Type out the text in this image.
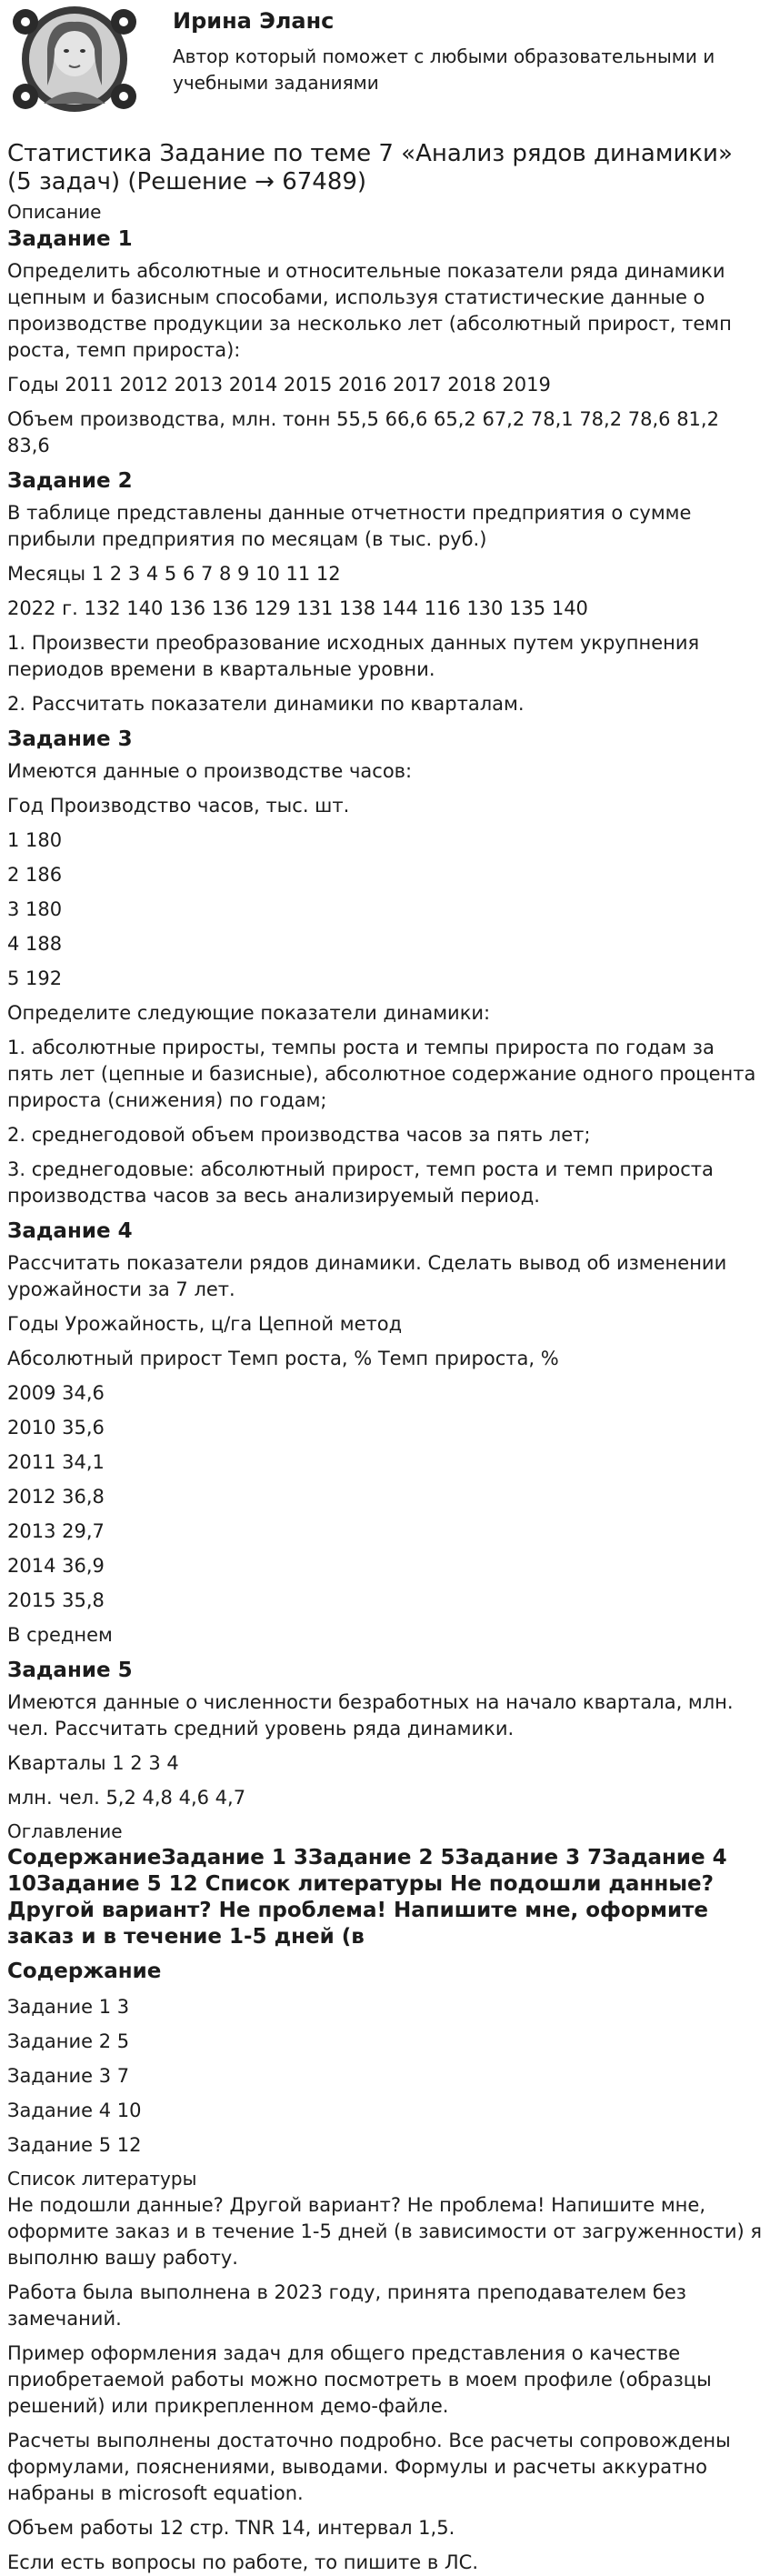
Ирина Эланс
Автор который поможет с любыми образовательными и учебными заданиями
Статистика Задание по теме 7 «Анализ рядов динамики» (5 задач) (Решение → 67489)
Описание
Задание 1

Определить абсолютные и относительные показатели ряда динамики цепным и базисным способами, используя статистические данные о производстве продукции за несколько лет (абсолютный прирост, темп роста, темп прироста):

Годы 2011 2012 2013 2014 2015 2016 2017 2018 2019

Объем производства, млн. тонн 55,5 66,6 65,2 67,2 78,1 78,2 78,6 81,2 83,6

Задание 2

В таблице представлены данные отчетности предприятия о сумме прибыли предприятия по месяцам (в тыс. руб.)

Месяцы 1 2 3 4 5 6 7 8 9 10 11 12

2022 г. 132 140 136 136 129 131 138 144 116 130 135 140

1. Произвести преобразование исходных данных путем укрупнения периодов времени в квартальные уровни.

2. Рассчитать показатели динамики по кварталам.

Задание 3

Имеются данные о производстве часов:

Год Производство часов, тыс. шт.

1 180

2 186

3 180

4 188

5 192

Определите следующие показатели динамики:

1. абсолютные приросты, темпы роста и темпы прироста по годам за пять лет (цепные и базисные), абсолютное содержание одного процента прироста (снижения) по годам;

2. среднегодовой объем производства часов за пять лет;

3. среднегодовые: абсолютный прирост, темп роста и темп прироста производства часов за весь анализируемый период.

Задание 4

Рассчитать показатели рядов динамики. Сделать вывод об изменении урожайности за 7 лет.

Годы Урожайность, ц/га Цепной метод

Абсолютный прирост Темп роста, % Темп прироста, %

2009 34,6

2010 35,6

2011 34,1

2012 36,8

2013 29,7

2014 36,9

2015 35,8

В среднем

Задание 5

Имеются данные о численности безработных на начало квартала, млн. чел. Рассчитать средний уровень ряда динамики.

Кварталы 1 2 3 4

млн. чел. 5,2 4,8 4,6 4,7

Оглавление
СодержаниеЗадание 1 3Задание 2 5Задание 3 7Задание 4 10Задание 5 12 Список литературы Не подошли данные? Другой вариант? Не проблема! Напишите мне, оформите заказ и в течение 1-5 дней (в
Содержание

Задание 1 3

Задание 2 5

Задание 3 7

Задание 4 10

Задание 5 12

Список литературы

Не подошли данные? Другой вариант? Не проблема! Напишите мне, оформите заказ и в течение 1-5 дней (в зависимости от загруженности) я выполню вашу работу.

Работа была выполнена в 2023 году, принята преподавателем без замечаний.

Пример оформления задач для общего представления о качестве приобретаемой работы можно посмотреть в моем профиле (образцы решений) или прикрепленном демо-файле.

Расчеты выполнены достаточно подробно. Все расчеты сопровождены формулами, пояснениями, выводами. Формулы и расчеты аккуратно набраны в microsoft equation.

Объем работы 12 стр. TNR 14, интервал 1,5.

Если есть вопросы по работе, то пишите в ЛС.
